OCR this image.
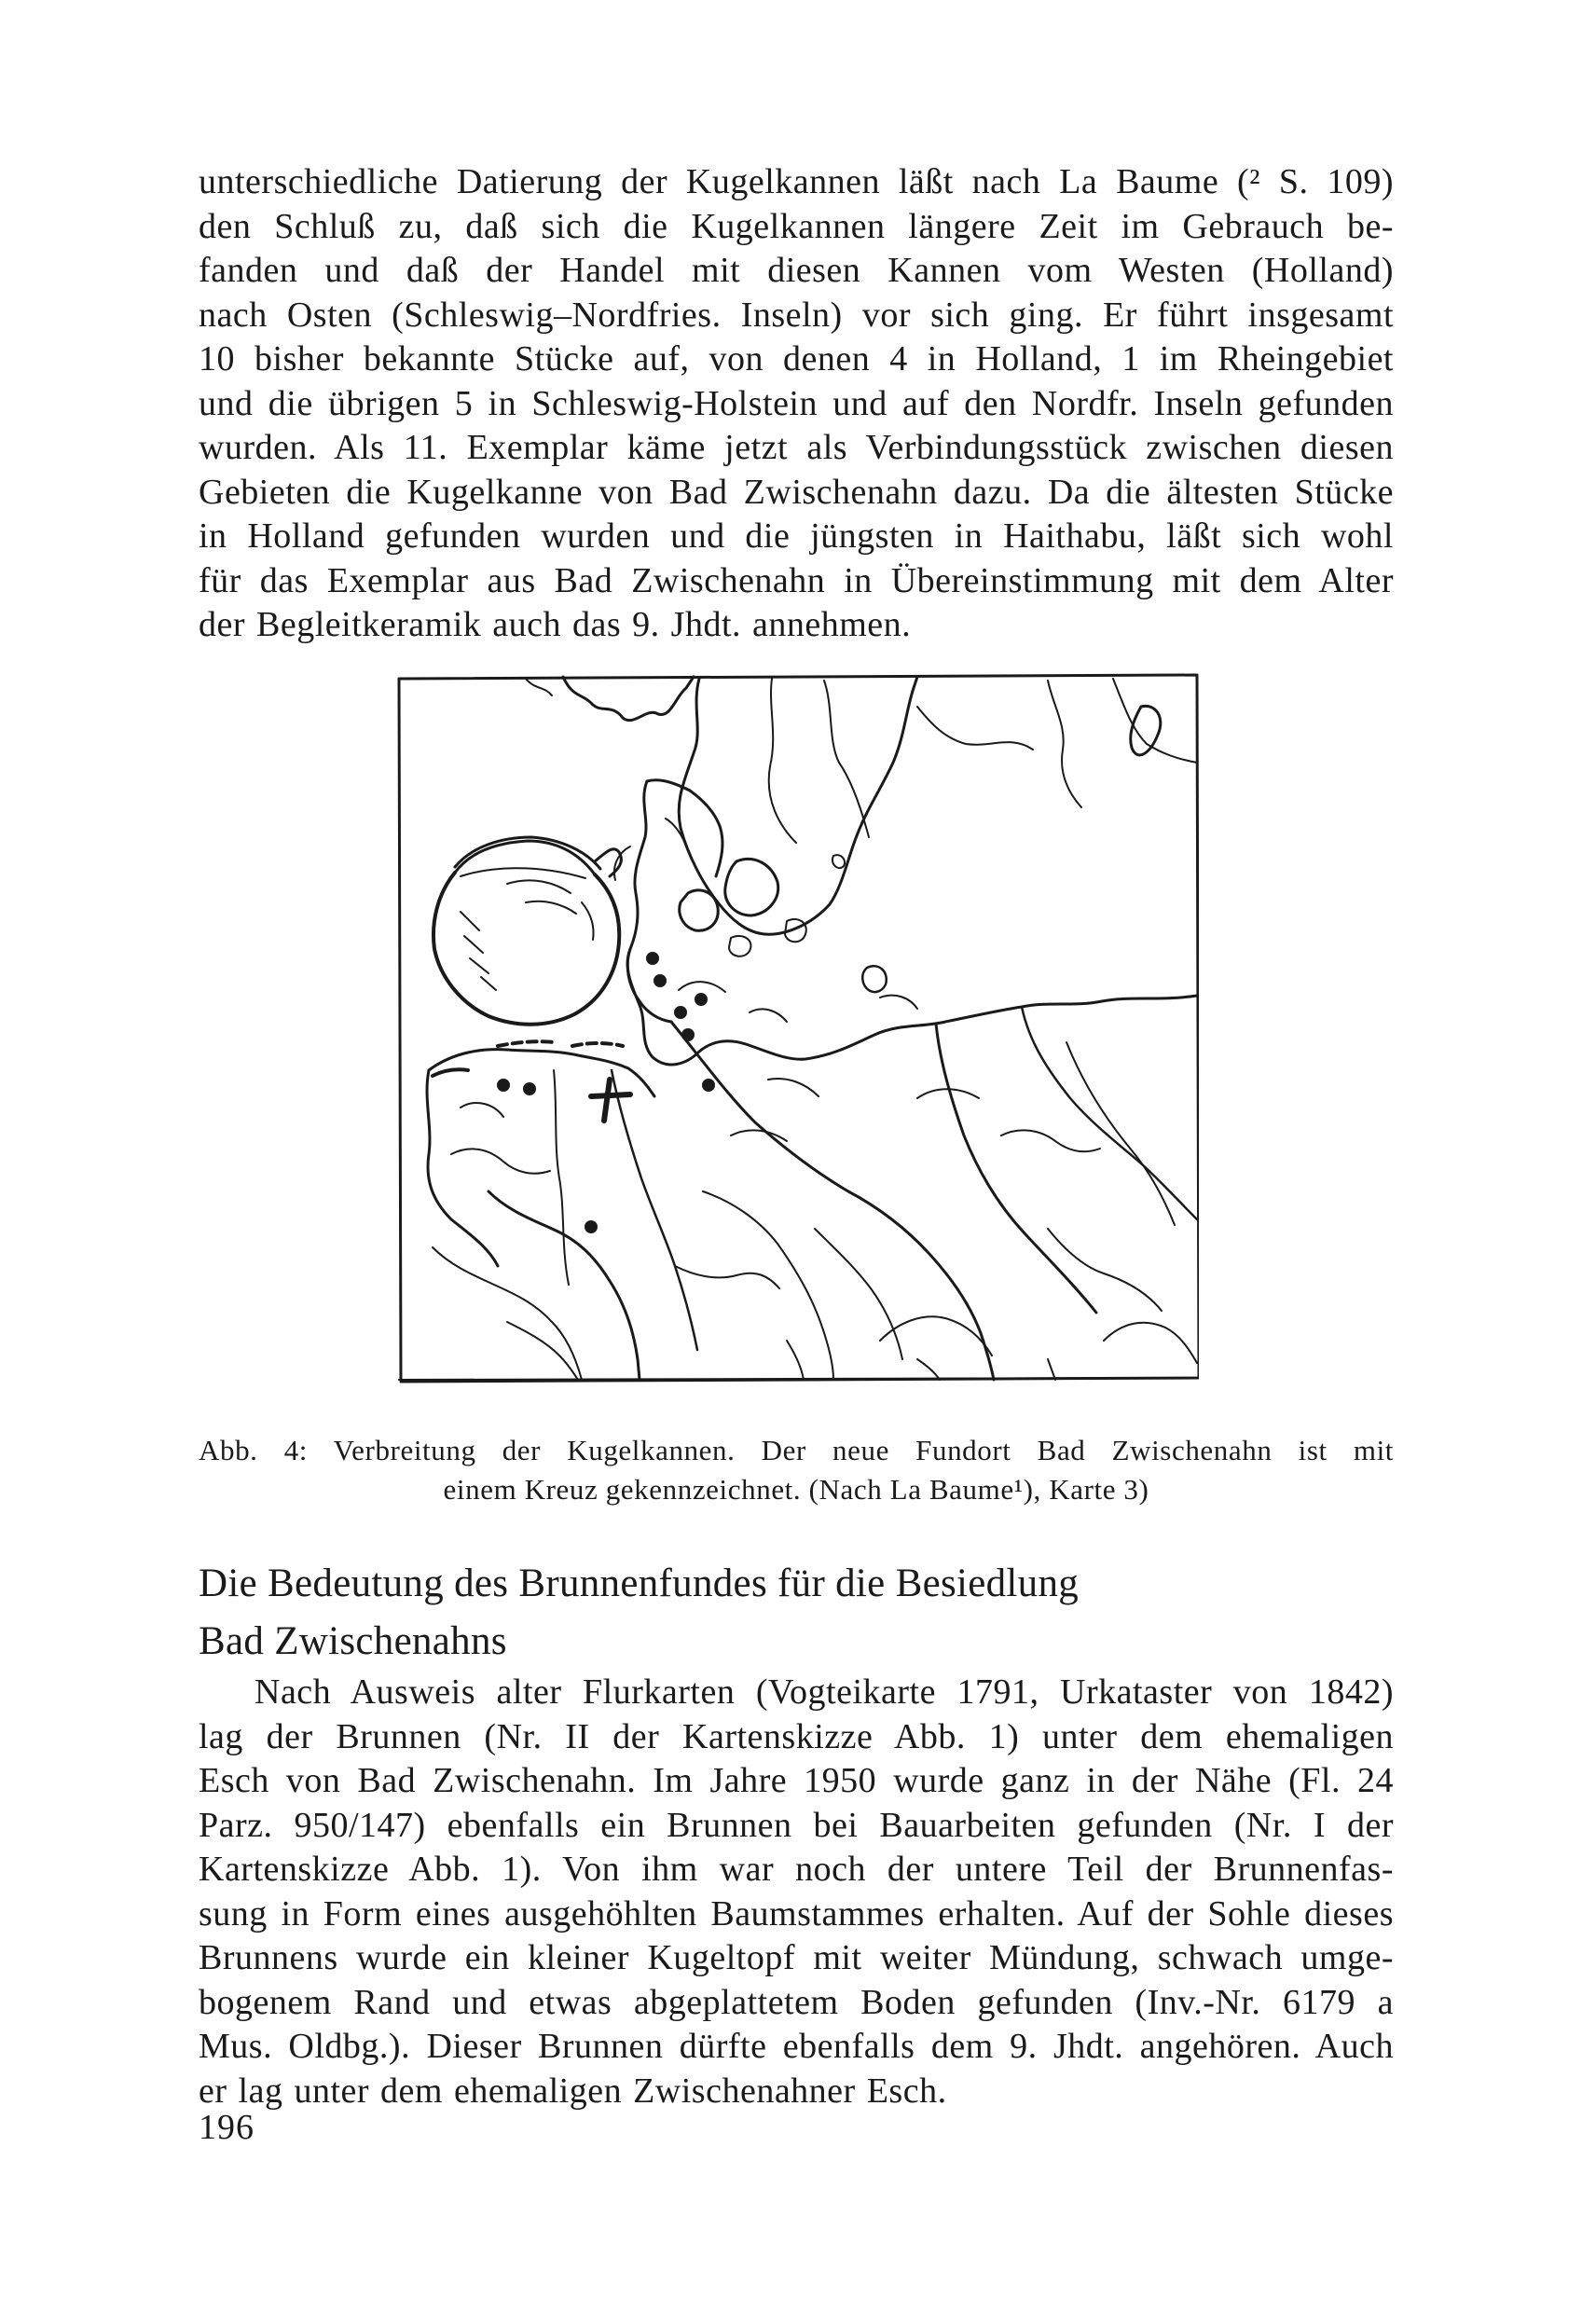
unterschiedliche Datierung der Kugelkannen läßt nach La Baume (² S. 109)
den Schluß zu, daß sich die Kugelkannen längere Zeit im Gebrauch be-
fanden und daß der Handel mit diesen Kannen vom Westen (Holland)
nach Osten (Schleswig–Nordfries. Inseln) vor sich ging. Er führt insgesamt
10 bisher bekannte Stücke auf, von denen 4 in Holland, 1 im Rheingebiet
und die übrigen 5 in Schleswig-Holstein und auf den Nordfr. Inseln gefunden
wurden. Als 11. Exemplar käme jetzt als Verbindungsstück zwischen diesen
Gebieten die Kugelkanne von Bad Zwischenahn dazu. Da die ältesten Stücke
in Holland gefunden wurden und die jüngsten in Haithabu, läßt sich wohl
für das Exemplar aus Bad Zwischenahn in Übereinstimmung mit dem Alter
der Begleitkeramik auch das 9. Jhdt. annehmen.
Abb. 4: Verbreitung der Kugelkannen. Der neue Fundort Bad Zwischenahn ist mit
einem Kreuz gekennzeichnet. (Nach La Baume¹), Karte 3)
Die Bedeutung des Brunnenfundes für die Besiedlung
Bad Zwischenahns
Nach Ausweis alter Flurkarten (Vogteikarte 1791, Urkataster von 1842)
lag der Brunnen (Nr. II der Kartenskizze Abb. 1) unter dem ehemaligen
Esch von Bad Zwischenahn. Im Jahre 1950 wurde ganz in der Nähe (Fl. 24
Parz. 950/147) ebenfalls ein Brunnen bei Bauarbeiten gefunden (Nr. I der
Kartenskizze Abb. 1). Von ihm war noch der untere Teil der Brunnenfas-
sung in Form eines ausgehöhlten Baumstammes erhalten. Auf der Sohle dieses
Brunnens wurde ein kleiner Kugeltopf mit weiter Mündung, schwach umge-
bogenem Rand und etwas abgeplattetem Boden gefunden (Inv.-Nr. 6179 a
Mus. Oldbg.). Dieser Brunnen dürfte ebenfalls dem 9. Jhdt. angehören. Auch
er lag unter dem ehemaligen Zwischenahner Esch.
196
